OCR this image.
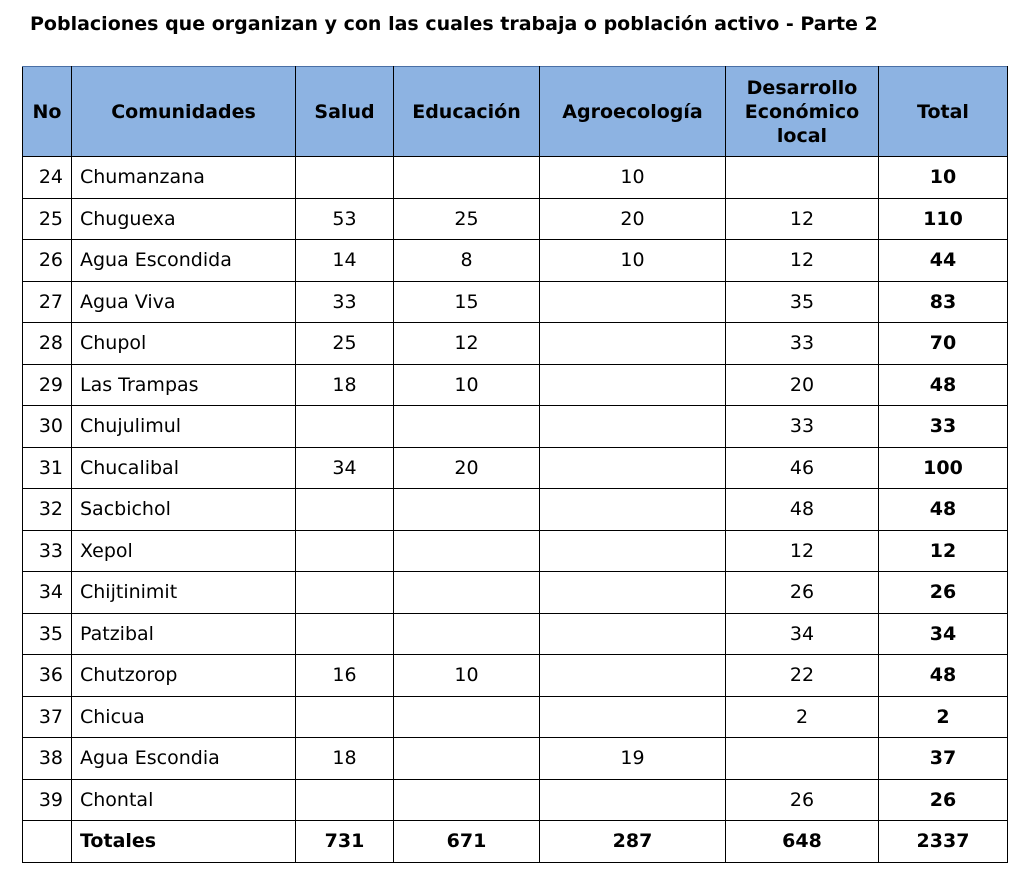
Poblaciones que organizan y con las cuales trabaja o población activo - Parte 2
No	Comunidades	Salud	Educación	Agroecología	Desarrollo
Económico
local	Total
24	Chumanzana			10		10
25	Chuguexa	53	25	20	12	110
26	Agua Escondida	14	8	10	12	44
27	Agua Viva	33	15		35	83
28	Chupol	25	12		33	70
29	Las Trampas	18	10		20	48
30	Chujulimul				33	33
31	Chucalibal	34	20		46	100
32	Sacbichol				48	48
33	Xepol				12	12
34	Chijtinimit				26	26
35	Patzibal				34	34
36	Chutzorop	16	10		22	48
37	Chicua				2	2
38	Agua Escondia	18		19		37
39	Chontal				26	26
	Totales	731	671	287	648	2337
